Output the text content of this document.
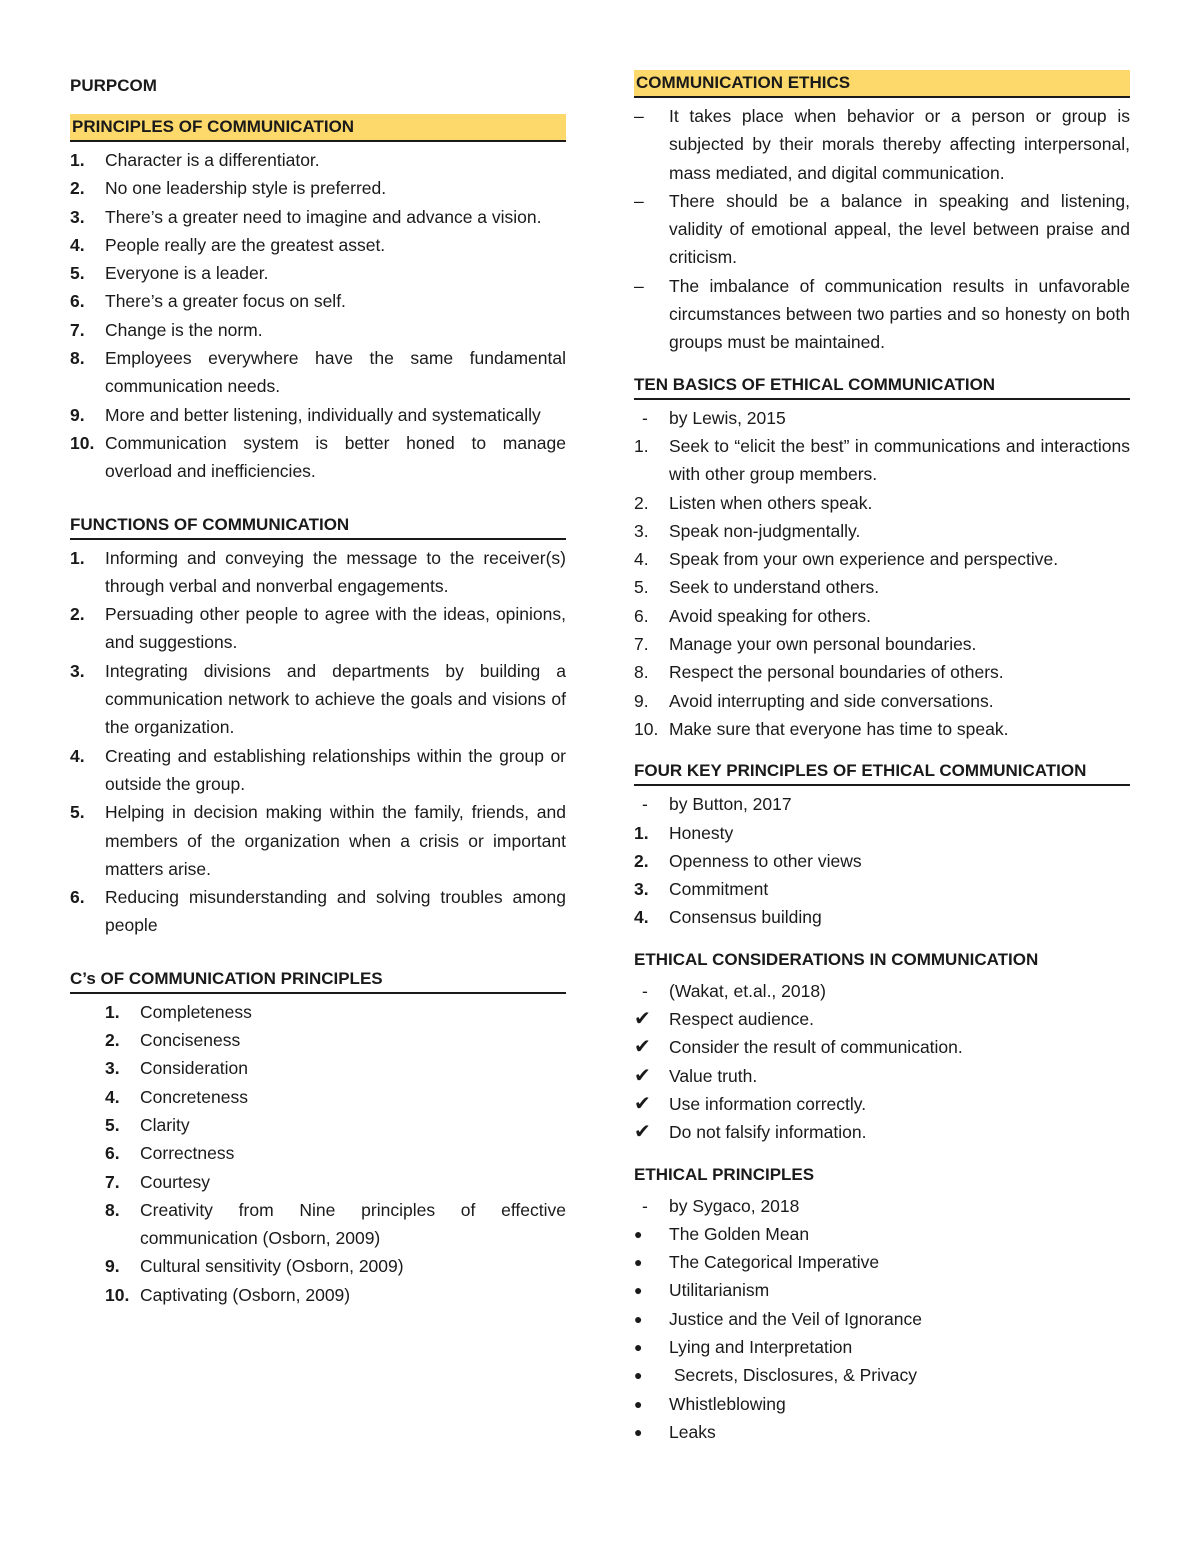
PURPCOM
PRINCIPLES OF COMMUNICATION
1.	Character is a differentiator.
2.	No one leadership style is preferred.
3.	There’s a greater need to imagine and advance a vision.
4.	People really are the greatest asset.
5.	Everyone is a leader.
6.	There’s a greater focus on self.
7.	Change is the norm.
8.	Employees everywhere have the same fundamental communication needs.
9.	More and better listening, individually and systematically
10. Communication system is better honed to manage overload and inefficiencies.
FUNCTIONS OF COMMUNICATION
1.	Informing and conveying the message to the receiver(s) through verbal and nonverbal engagements.
2.	Persuading other people to agree with the ideas, opinions, and suggestions.
3.	Integrating divisions and departments by building a communication network to achieve the goals and visions of the organization.
4.	Creating and establishing relationships within the group or outside the group.
5.	Helping in decision making within the family, friends, and members of the organization when a crisis or important matters arise.
6.	Reducing misunderstanding and solving troubles among people
C’s OF COMMUNICATION PRINCIPLES
1.	Completeness
2.	Conciseness
3.	Consideration
4.	Concreteness
5.	Clarity
6.	Correctness
7.	Courtesy
8.	Creativity from Nine principles of effective communication (Osborn, 2009)
9.	Cultural sensitivity (Osborn, 2009)
10. Captivating (Osborn, 2009)
COMMUNICATION ETHICS
–	It takes place when behavior or a person or group is subjected by their morals thereby affecting interpersonal, mass mediated, and digital communication.
–	There should be a balance in speaking and listening, validity of emotional appeal, the level between praise and criticism.
–	The imbalance of communication results in unfavorable circumstances between two parties and so honesty on both groups must be maintained.
TEN BASICS OF ETHICAL COMMUNICATION
-	by Lewis, 2015
1.	Seek to “elicit the best” in communications and interactions with other group members.
2.	Listen when others speak.
3.	Speak non-judgmentally.
4.	Speak from your own experience and perspective.
5.	Seek to understand others.
6.	Avoid speaking for others.
7.	Manage your own personal boundaries.
8.	Respect the personal boundaries of others.
9.	Avoid interrupting and side conversations.
10. Make sure that everyone has time to speak.
FOUR KEY PRINCIPLES OF ETHICAL COMMUNICATION
-	by Button, 2017
1.	Honesty
2.	Openness to other views
3.	Commitment
4.	Consensus building
ETHICAL CONSIDERATIONS IN COMMUNICATION
-	(Wakat, et.al., 2018)
✔	Respect audience.
✔	Consider the result of communication.
✔	Value truth.
✔	Use information correctly.
✔	Do not falsify information.
ETHICAL PRINCIPLES
-	by Sygaco, 2018
●	The Golden Mean
●	The Categorical Imperative
●	Utilitarianism
●	Justice and the Veil of Ignorance
●	Lying and Interpretation
●	Secrets, Disclosures, & Privacy
●	Whistleblowing
●	Leaks
